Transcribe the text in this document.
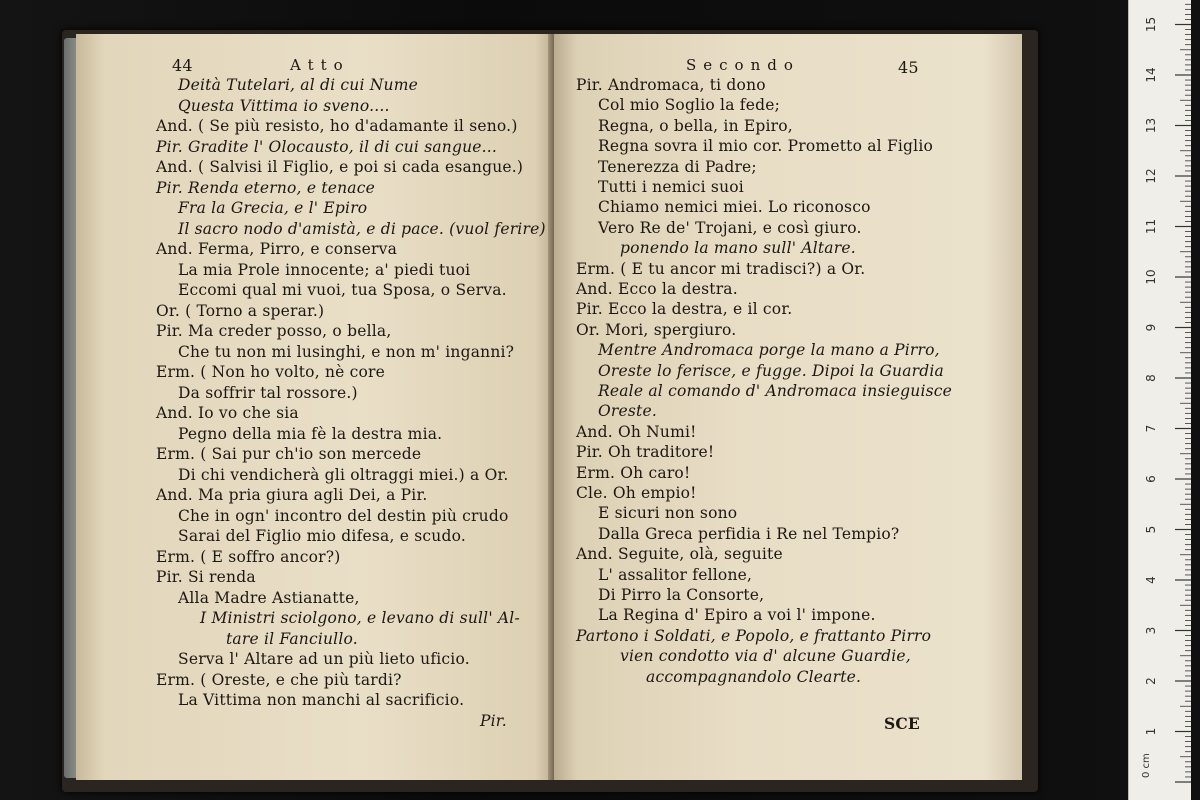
44	Atto
Deità Tutelari, al di cui Nume
Questa Vittima io sveno....
And. ( Se più resisto, ho d'adamante il seno.)
Pir. Gradite l' Olocausto, il di cui sangue...
And. ( Salvisi il Figlio, e poi si cada esangue.)
Pir. Renda eterno, e tenace
Fra la Grecia, e l' Epiro
Il sacro nodo d'amistà, e di pace. (vuol ferire)
And. Ferma, Pirro, e conserva
La mia Prole innocente; a' piedi tuoi
Eccomi qual mi vuoi, tua Sposa, o Serva.
Or. ( Torno a sperar.)
Pir. Ma creder posso, o bella,
Che tu non mi lusinghi, e non m' inganni?
Erm. ( Non ho volto, nè core
Da soffrir tal rossore.)
And. Io vo che sia
Pegno della mia fè la destra mia.
Erm. ( Sai pur ch'io son mercede
Di chi vendicherà gli oltraggi miei.) a Or.
And. Ma pria giura agli Dei, a Pir.
Che in ogn' incontro del destin più crudo
Sarai del Figlio mio difesa, e scudo.
Erm. ( E soffro ancor?)
Pir. Si renda
Alla Madre Astianatte,
I Ministri sciolgono, e levano di sull' Al-
tare il Fanciullo.
Serva l' Altare ad un più lieto uficio.
Erm. ( Oreste, e che più tardi?
La Vittima non manchi al sacrificio.
Pir.
Secondo	45
Pir. Andromaca, ti dono
Col mio Soglio la fede;
Regna, o bella, in Epiro,
Regna sovra il mio cor. Prometto al Figlio
Tenerezza di Padre;
Tutti i nemici suoi
Chiamo nemici miei. Lo riconosco
Vero Re de' Trojani, e così giuro.
ponendo la mano sull' Altare.
Erm. ( E tu ancor mi tradisci?) a Or.
And. Ecco la destra.
Pir. Ecco la destra, e il cor.
Or. Mori, spergiuro.
Mentre Andromaca porge la mano a Pirro,
Oreste lo ferisce, e fugge. Dipoi la Guardia
Reale al comando d' Andromaca insieguisce
Oreste.
And. Oh Numi!
Pir. Oh traditore!
Erm. Oh caro!
Cle. Oh empio!
E sicuri non sono
Dalla Greca perfidia i Re nel Tempio?
And. Seguite, olà, seguite
L' assalitor fellone,
Di Pirro la Consorte,
La Regina d' Epiro a voi l' impone.
Partono i Soldati, e Popolo, e frattanto Pirro
vien condotto via d' alcune Guardie,
accompagnandolo Clearte.
SCE	1
2
3
4
5
6
7
8
9
10
11
12
13
14
15
0 cm
